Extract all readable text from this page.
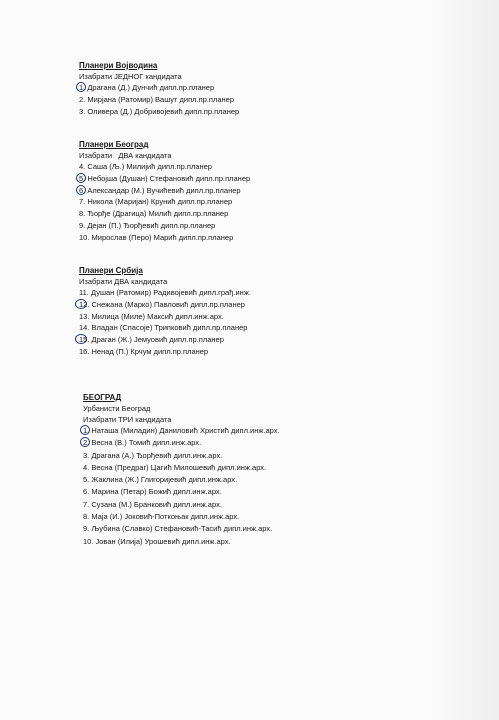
Планери Војводина
Изабрати ЈЕДНОГ кандидата
1. Драгана (Д.) Дунчић дипл.пр.планер
2. Мирјана (Ратомир) Вашут дипл.пр.планер
3. Оливера (Д.) Добривојевић дипл.пр.планер
Планери Београд
Изабрати   ДВА кандидата
4. Саша (Љ.) Милијић дипл.пр.планер
5. Небојша (Душан) Стефановић дипл.пр.планер
6. Александар (М.) Вучићевић дипл.пр.планер
7. Никола (Маријан) Крунић дипл.пр.планер
8. Ђорђе (Драгица) Милић дипл.пр.планер
9. Дејан (П.) Ђорђевић дипл.пр.планер
10. Мирослав (Перо) Марић дипл.пр.планер
Планери Србија
Изабрати ДВА кандидата
11. Душан (Ратомир) Радивојевић дипл.грађ.инж.
12. Снежана (Марко) Павловић дипл.пр.планер
13. Милица (Миле) Максић дипл.инж.арх.
14. Владан (Спасоје) Трипковић дипл.пр.планер
15. Драган (Ж.) Јемуовић дипл.пр.планер
16. Ненад (П.) Крчум дипл.пр.планер
БЕОГРАД
Урбанисти Београд
Изабрати ТРИ кандидата
1. Наташа (Миладин) Даниловић Христић дипл.инж.арх.
2. Весна (В.) Томић дипл.инж.арх.
3. Драгана (А.) Ђорђевић дипл.инж.арх.
4. Весна (Предраг) Цагић Милошевић дипл.инж.арх.
5. Жаклина (Ж.) Глигоријевић дипл.инж.арх.
6. Марина (Петар) Божић дипл.инж.арх.
7. Сузана (М.) Бранковић дипл.инж.арх.
8. Маја (И.) Јоковић-Поткоњак дипл.инж.арх.
9. Љубина (Славко) Стефановић-Тасић дипл.инж.арх.
10. Јован (Илија) Урошевић дипл.инж.арх.
